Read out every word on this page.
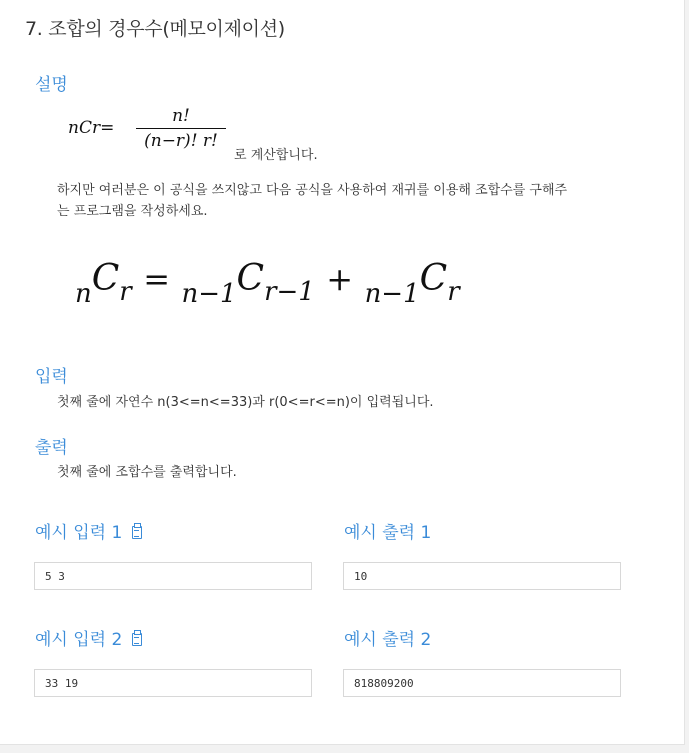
7. 조합의 경우수(메모이제이션)
설명
nCr=
n!
(n−r)! r!
로 계산합니다.
하지만 여러분은 이 공식을 쓰지않고 다음 공식을 사용하여 재귀를 이용해 조합수를 구해주
는 프로그램을 작성하세요.
$_nC_r = _{n-1}C_{r-1} + _{n-1}C_r$
입력
첫째 줄에 자연수 n(3<=n<=33)과 r(0<=r<=n)이 입력됩니다.
출력
첫째 줄에 조합수를 출력합니다.
예시 입력 1	예시 출력 1
5 3	10
예시 입력 2	예시 출력 2
33 19	818809200
